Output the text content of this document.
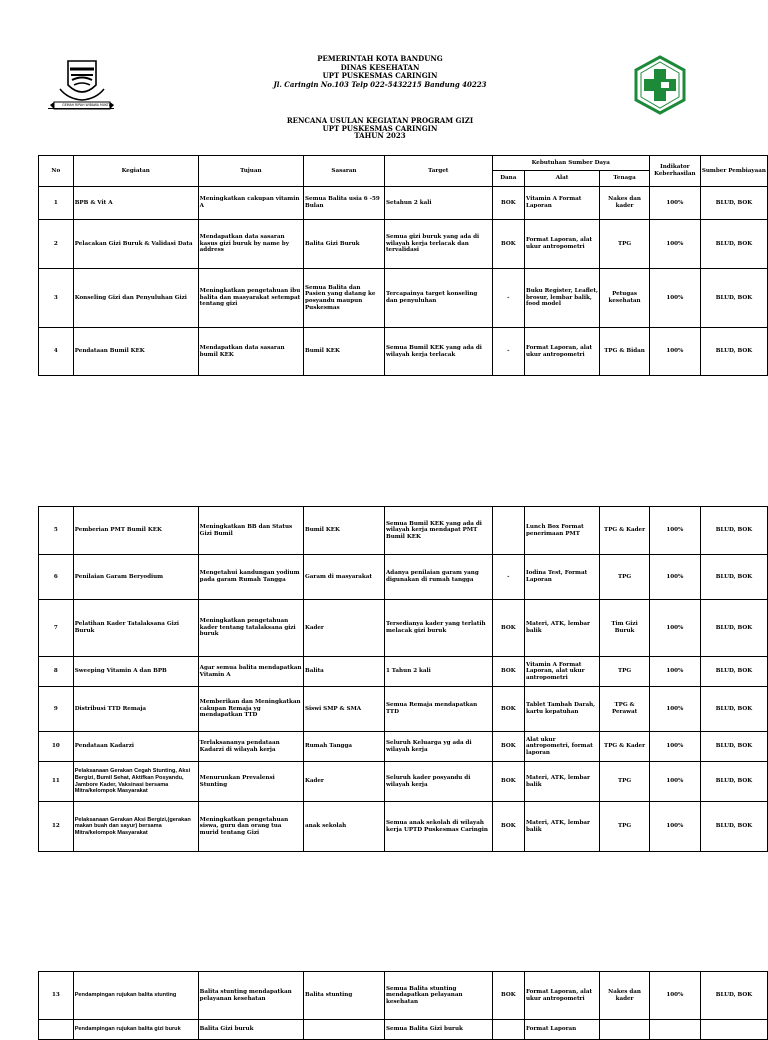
GEMAH RIPAH WIBAWA MUKTI
PEMERINTAH KOTA BANDUNG
DINAS KESEHATAN
UPT PUSKESMAS CARINGIN
Jl. Caringin No.103 Telp 022-5432215 Bandung 40223
RENCANA USULAN KEGIATAN PROGRAM GIZI
UPT PUSKESMAS CARINGIN
TAHUN 2023
No	Kegiatan	Tujuan	Sasaran	Target	Kebutuhan Sumber Daya			Indikator Keberhasilan	Sumber Pembiayaan
					Dana	Alat	Tenaga		
1	BPB & Vit A	Meningkatkan cakupan vitamin A	Semua Balita usia 6 -59 Bulan	Setahun 2 kali	BOK	Vitamin A Format Laporan	Nakes dan kader	100%	BLUD, BOK
2	Pelacakan Gizi Buruk & Validasi Data	Mendapatkan data sasaran kasus gizi buruk by name by address	Balita Gizi Buruk	Semua gizi buruk yang ada di wilayah kerja terlacak dan tervalidasi	BOK	Format Laporan, alat ukur antropometri	TPG	100%	BLUD, BOK
3	Konseling Gizi dan Penyuluhan Gizi	Meningkatkan pengetahuan ibu balita dan masyarakat setempat tentang gizi	Semua Balita dan Pasien yang datang ke posyandu maupun Puskesmas	Tercapainya target konseling dan penyuluhan	-	Buku Register, Leaflet, brosur, lembar balik, food model	Petugas kesehatan	100%	BLUD, BOK
4	Pendataan Bumil KEK	Mendapatkan data sasaran bumil KEK	Bumil KEK	Semua Bumil KEK yang ada di wilayah kerja terlacak	-	Format Laporan, alat ukur antropometri	TPG & Bidan	100%	BLUD, BOK
5	Pemberian PMT Bumil KEK	Meningkatkan BB dan Status Gizi Bumil	Bumil KEK	Semua Bumil KEK yang ada di wilayah kerja mendapat PMT Bumil KEK		Lunch Box Format penerimaan PMT	TPG & Kader	100%	BLUD, BOK
6	Penilaian Garam Beryodium	Mengetahui kandungan yodium pada garam Rumah Tangga	Garam di masyarakat	Adanya penilaian garam yang digunakan di rumah tangga	-	Iodina Test, Format Laporan	TPG	100%	BLUD, BOK
7	Pelatihan Kader Tatalaksana Gizi Buruk	Meningkatkan pengetahuan kader tentang tatalaksana gizi buruk	Kader	Tersedianya kader yang terlatih melacak gizi buruk	BOK	Materi, ATK, lembar balik	Tim Gizi Buruk	100%	BLUD, BOK
8	Sweeping Vitamin A dan BPB	Agar semua balita mendapatkan Vitamin A	Balita	1 Tahun 2 kali	BOK	Vitamin A Format Laporan, alat ukur antropometri	TPG	100%	BLUD, BOK
9	Distribusi TTD Remaja	Memberikan dan Meningkatkan cakupan Remaja yg mendapatkan TTD	Siswi SMP & SMA	Semua Remaja mendapatkan TTD	BOK	Tablet Tambah Darah, kartu kepatuhan	TPG & Perawat	100%	BLUD, BOK
10	Pendataan Kadarzi	Terlaksananya pendataan Kadarzi di wilayah kerja	Rumah Tangga	Seluruh Keluarga yg ada di wilayah kerja	BOK	Alat ukur antropometri, format laporan	TPG & Kader	100%	BLUD, BOK
11	Pelaksanaan Gerakan Cegah Stunting, Aksi Bergizi, Bumil Sehat, Aktifkan Posyandu, Jambore Kader, Vaksinasi bersama Mitra/kelompok Masyarakat	Menurunkan Prevalensi Stunting	Kader	Seluruh kader posyandu di wilayah kerja	BOK	Materi, ATK, lembar balik	TPG	100%	BLUD, BOK
12	Pelaksanaan Gerakan Aksi Bergizi,(gerakan makan buah dan sayur) bersama Mitra/kelompok Masyarakat	Meningkatkan pengetahuan siswa, guru dan orang tua murid tentang Gizi	anak sekolah	Semua anak sekolah di wilayah kerja UPTD Puskesmas Caringin	BOK	Materi, ATK, lembar balik	TPG	100%	BLUD, BOK
13	Pendampingan rujukan balita stunting	Balita stunting mendapatkan pelayanan kesehatan	Balita stunting	Semua Balita stunting mendapatkan pelayanan kesehatan	BOK	Format Laporan, alat ukur antropometri	Nakes dan kader	100%	BLUD, BOK
	Pendampingan rujukan balita gizi buruk	Balita Gizi buruk		Semua Balita Gizi buruk		Format Laporan			
